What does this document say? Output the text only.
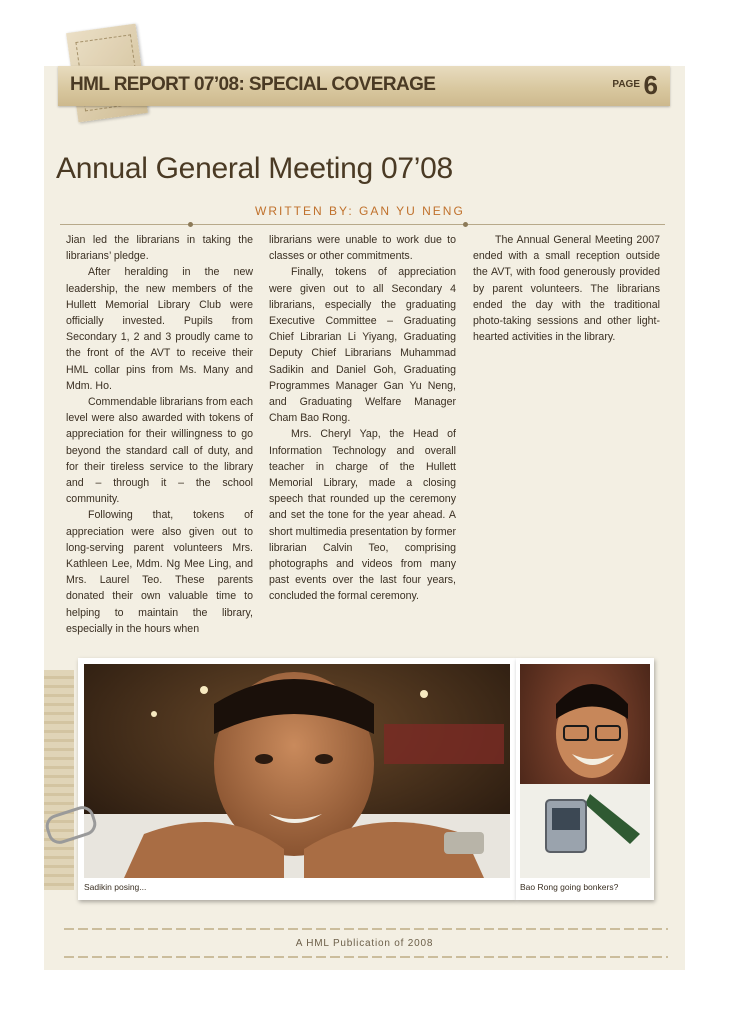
HML REPORT 07’08: SPECIAL COVERAGE	PAGE 6
Annual General Meeting 07’08
WRITTEN BY: GAN YU NENG

Jian led the librarians in taking the librarians’ pledge.

After heralding in the new leadership, the new members of the Hullett Memorial Library Club were officially invested. Pupils from Secondary 1, 2 and 3 proudly came to the front of the AVT to receive their HML collar pins from Ms. Many and Mdm. Ho.

Commendable librarians from each level were also awarded with tokens of appreciation for their willingness to go beyond the standard call of duty, and for their tireless service to the library and – through it – the school community.

Following that, tokens of appreciation were also given out to long-serving parent volunteers Mrs. Kathleen Lee, Mdm. Ng Mee Ling, and Mrs. Laurel Teo. These parents donated their own valuable time to helping to maintain the library, especially in the hours when

librarians were unable to work due to classes or other commitments.

Finally, tokens of appreciation were given out to all Secondary 4 librarians, especially the graduating Executive Committee – Graduating Chief Librarian Li Yiyang, Graduating Deputy Chief Librarians Muhammad Sadikin and Daniel Goh, Graduating Programmes Manager Gan Yu Neng, and Graduating Welfare Manager Cham Bao Rong.

Mrs. Cheryl Yap, the Head of Information Technology and overall teacher in charge of the Hullett Memorial Library, made a closing speech that rounded up the ceremony and set the tone for the year ahead. A short multimedia presentation by former librarian Calvin Teo, comprising photographs and videos from many past events over the last four years, concluded the formal ceremony.

The Annual General Meeting 2007 ended with a small reception outside the AVT, with food generously provided by parent volunteers. The librarians ended the day with the traditional photo-taking sessions and other light-hearted activities in the library.

Sadikin posing...	Bao Rong going bonkers?
A HML Publication of 2008
